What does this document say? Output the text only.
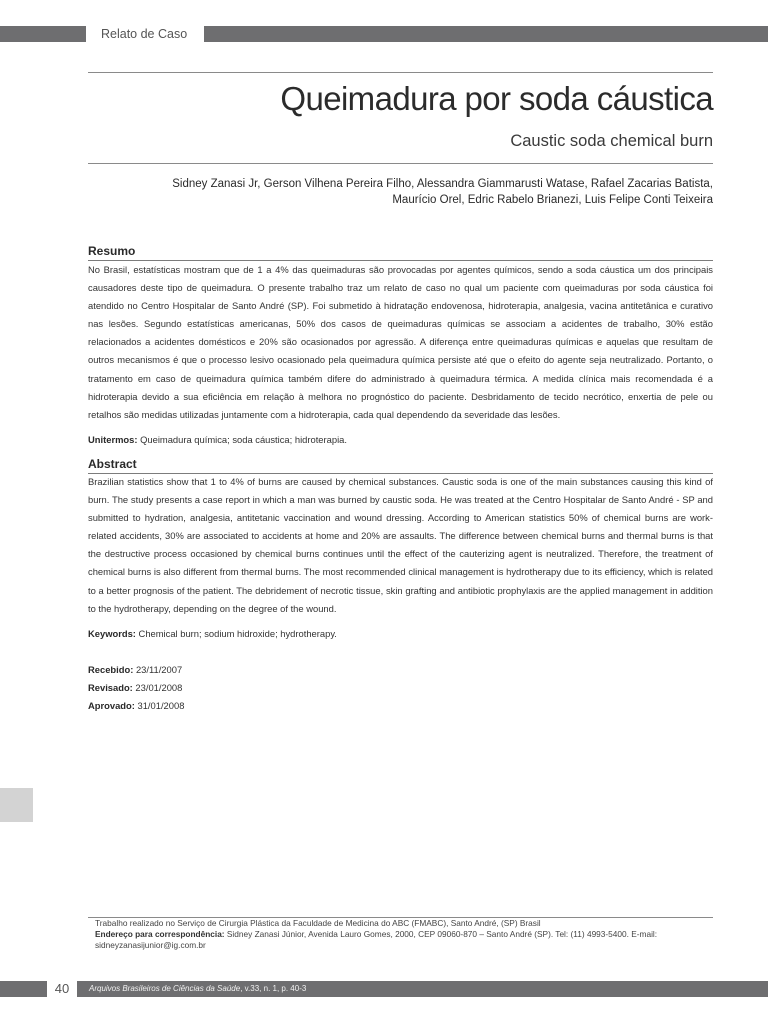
Relato de Caso
Queimadura por soda cáustica
Caustic soda chemical burn
Sidney Zanasi Jr, Gerson Vilhena Pereira Filho, Alessandra Giammarusti Watase, Rafael Zacarias Batista,
Maurício Orel, Edric Rabelo Brianezi, Luis Felipe Conti Teixeira
Resumo
No Brasil, estatísticas mostram que de 1 a 4% das queimaduras são provocadas por agentes químicos, sendo a soda cáustica um dos principais causadores deste tipo de queimadura. O presente trabalho traz um relato de caso no qual um paciente com queimaduras por soda cáustica foi atendido no Centro Hospitalar de Santo André (SP). Foi submetido à hidratação endovenosa, hidroterapia, analgesia, vacina antitetânica e curativo nas lesões. Segundo estatísticas americanas, 50% dos casos de queimaduras químicas se associam a acidentes de trabalho, 30% estão relacionados a acidentes domésticos e 20% são ocasionados por agressão. A diferença entre queimaduras químicas e aquelas que resultam de outros mecanismos é que o processo lesivo ocasionado pela queimadura química persiste até que o efeito do agente seja neutralizado. Portanto, o tratamento em caso de queimadura química também difere do administrado à queimadura térmica. A medida clínica mais recomendada é a hidroterapia devido a sua eficiência em relação à melhora no prognóstico do paciente. Desbridamento de tecido necrótico, enxertia de pele ou retalhos são medidas utilizadas juntamente com a hidroterapia, cada qual dependendo da severidade das lesões.
Unitermos: Queimadura química; soda cáustica; hidroterapia.
Abstract
Brazilian statistics show that 1 to 4% of burns are caused by chemical substances. Caustic soda is one of the main substances causing this kind of burn. The study presents a case report in which a man was burned by caustic soda. He was treated at the Centro Hospitalar de Santo André - SP and submitted to hydration, analgesia, antitetanic vaccination and wound dressing. According to American statistics 50% of chemical burns are work-related accidents, 30% are associated to accidents at home and 20% are assaults. The difference between chemical burns and thermal burns is that the destructive process occasioned by chemical burns continues until the effect of the cauterizing agent is neutralized. Therefore, the treatment of chemical burns is also different from thermal burns. The most recommended clinical management is hydrotherapy due to its efficiency, which is related to a better prognosis of the patient. The debridement of necrotic tissue, skin grafting and antibiotic prophylaxis are the applied management in addition to the hydrotherapy, depending on the degree of the wound.
Keywords: Chemical burn; sodium hidroxide; hydrotherapy.
Recebido: 23/11/2007
Revisado: 23/01/2008
Aprovado: 31/01/2008
Trabalho realizado no Serviço de Cirurgia Plástica da Faculdade de Medicina do ABC (FMABC), Santo André, (SP) Brasil
Endereço para correspondência: Sidney Zanasi Júnior, Avenida Lauro Gomes, 2000, CEP 09060-870 – Santo André (SP). Tel: (11) 4993-5400. E-mail: sidneyzanasijunior@ig.com.br
40	Arquivos Brasileiros de Ciências da Saúde, v.33, n. 1, p. 40-3
